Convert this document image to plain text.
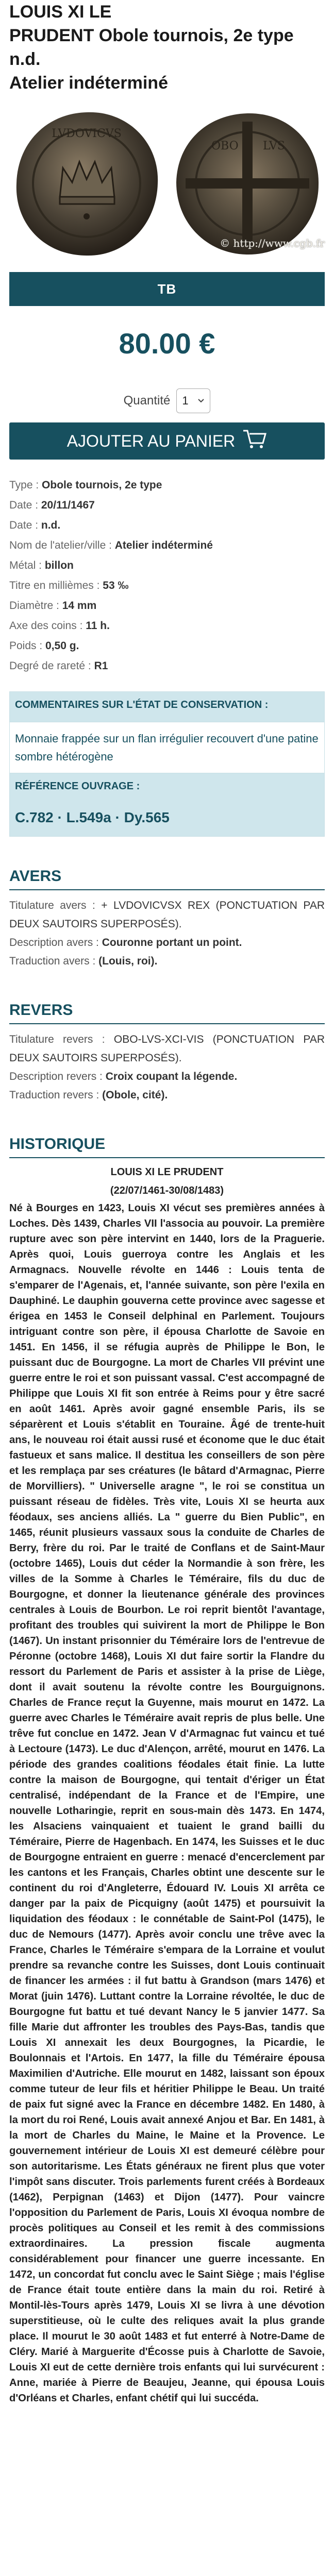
LOUIS XI LE
PRUDENT Obole tournois, 2e type n.d.
Atelier indéterminé
LVDOVICVS
OBO LVS
© http://www.cgb.fr
TB
80.00 €
Quantité 1
AJOUTER AU PANIER
Type : Obole tournois, 2e type
Date : 20/11/1467
Date : n.d.
Nom de l'atelier/ville : Atelier indéterminé
Métal : billon
Titre en millièmes : 53 ‰
Diamètre : 14 mm
Axe des coins : 11 h.
Poids : 0,50 g.
Degré de rareté : R1
COMMENTAIRES SUR L'ÉTAT DE CONSERVATION :
Monnaie frappée sur un flan irrégulier recouvert d'une patine sombre hétérogène
RÉFÉRENCE OUVRAGE :
C.782 · L.549a · Dy.565
AVERS

Titulature avers : + LVDOVICVSX REX (PONCTUATION PAR DEUX SAUTOIRS SUPERPOSÉS).

Description avers : Couronne portant un point.

Traduction avers : (Louis, roi).

REVERS

Titulature revers : OBO-LVS-XCI-VIS (PONCTUATION PAR DEUX SAUTOIRS SUPERPOSÉS).

Description revers : Croix coupant la légende.

Traduction revers : (Obole, cité).

HISTORIQUE
LOUIS XI LE PRUDENT
(22/07/1461-30/08/1483)

Né à Bourges en 1423, Louis XI vécut ses premières années à Loches. Dès 1439, Charles VII l'associa au pouvoir. La première rupture avec son père intervint en 1440, lors de la Praguerie. Après quoi, Louis guerroya contre les Anglais et les Armagnacs. Nouvelle révolte en 1446 : Louis tenta de s'emparer de l'Agenais, et, l'année suivante, son père l'exila en Dauphiné. Le dauphin gouverna cette province avec sagesse et érigea en 1453 le Conseil delphinal en Parlement. Toujours intriguant contre son père, il épousa Charlotte de Savoie en 1451. En 1456, il se réfugia auprès de Philippe le Bon, le puissant duc de Bourgogne. La mort de Charles VII prévint une guerre entre le roi et son puissant vassal. C'est accompagné de Philippe que Louis XI fit son entrée à Reims pour y être sacré en août 1461. Après avoir gagné ensemble Paris, ils se séparèrent et Louis s'établit en Touraine. Âgé de trente-huit ans, le nouveau roi était aussi rusé et économe que le duc était fastueux et sans malice. Il destitua les conseillers de son père et les remplaça par ses créatures (le bâtard d'Armagnac, Pierre de Morvilliers). " Universelle aragne ", le roi se constitua un puissant réseau de fidèles. Très vite, Louis XI se heurta aux féodaux, ses anciens alliés. La " guerre du Bien Public", en 1465, réunit plusieurs vassaux sous la conduite de Charles de Berry, frère du roi. Par le traité de Conflans et de Saint-Maur (octobre 1465), Louis dut céder la Normandie à son frère, les villes de la Somme à Charles le Téméraire, fils du duc de Bourgogne, et donner la lieutenance générale des provinces centrales à Louis de Bourbon. Le roi reprit bientôt l'avantage, profitant des troubles qui suivirent la mort de Philippe le Bon (1467). Un instant prisonnier du Téméraire lors de l'entrevue de Péronne (octobre 1468), Louis XI dut faire sortir la Flandre du ressort du Parlement de Paris et assister à la prise de Liège, dont il avait soutenu la révolte contre les Bourguignons. Charles de France reçut la Guyenne, mais mourut en 1472. La guerre avec Charles le Téméraire avait repris de plus belle. Une trêve fut conclue en 1472. Jean V d'Armagnac fut vaincu et tué à Lectoure (1473). Le duc d'Alençon, arrêté, mourut en 1476. La période des grandes coalitions féodales était finie. La lutte contre la maison de Bourgogne, qui tentait d'ériger un État centralisé, indépendant de la France et de l'Empire, une nouvelle Lotharingie, reprit en sous-main dès 1473. En 1474, les Alsaciens vainquaient et tuaient le grand bailli du Téméraire, Pierre de Hagenbach. En 1474, les Suisses et le duc de Bourgogne entraient en guerre : menacé d'encerclement par les cantons et les Français, Charles obtint une descente sur le continent du roi d'Angleterre, Édouard IV. Louis XI arrêta ce danger par la paix de Picquigny (août 1475) et poursuivit la liquidation des féodaux : le connétable de Saint-Pol (1475), le duc de Nemours (1477). Après avoir conclu une trêve avec la France, Charles le Téméraire s'empara de la Lorraine et voulut prendre sa revanche contre les Suisses, dont Louis continuait de financer les armées : il fut battu à Grandson (mars 1476) et Morat (juin 1476). Luttant contre la Lorraine révoltée, le duc de Bourgogne fut battu et tué devant Nancy le 5 janvier 1477. Sa fille Marie dut affronter les troubles des Pays-Bas, tandis que Louis XI annexait les deux Bourgognes, la Picardie, le Boulonnais et l'Artois. En 1477, la fille du Téméraire épousa Maximilien d'Autriche. Elle mourut en 1482, laissant son époux comme tuteur de leur fils et héritier Philippe le Beau. Un traité de paix fut signé avec la France en décembre 1482. En 1480, à la mort du roi René, Louis avait annexé Anjou et Bar. En 1481, à la mort de Charles du Maine, le Maine et la Provence. Le gouvernement intérieur de Louis XI est demeuré célèbre pour son autoritarisme. Les États généraux ne firent plus que voter l'impôt sans discuter. Trois parlements furent créés à Bordeaux (1462), Perpignan (1463) et Dijon (1477). Pour vaincre l'opposition du Parlement de Paris, Louis XI évoqua nombre de procès politiques au Conseil et les remit à des commissions extraordinaires. La pression fiscale augmenta considérablement pour financer une guerre incessante. En 1472, un concordat fut conclu avec le Saint Siège ; mais l'église de France était toute entière dans la main du roi. Retiré à Montil-lès-Tours après 1479, Louis XI se livra à une dévotion superstitieuse, où le culte des reliques avait la plus grande place. Il mourut le 30 août 1483 et fut enterré à Notre-Dame de Cléry. Marié à Marguerite d'Écosse puis à Charlotte de Savoie, Louis XI eut de cette dernière trois enfants qui lui survécurent : Anne, mariée à Pierre de Beaujeu, Jeanne, qui épousa Louis d'Orléans et Charles, enfant chétif qui lui succéda.
